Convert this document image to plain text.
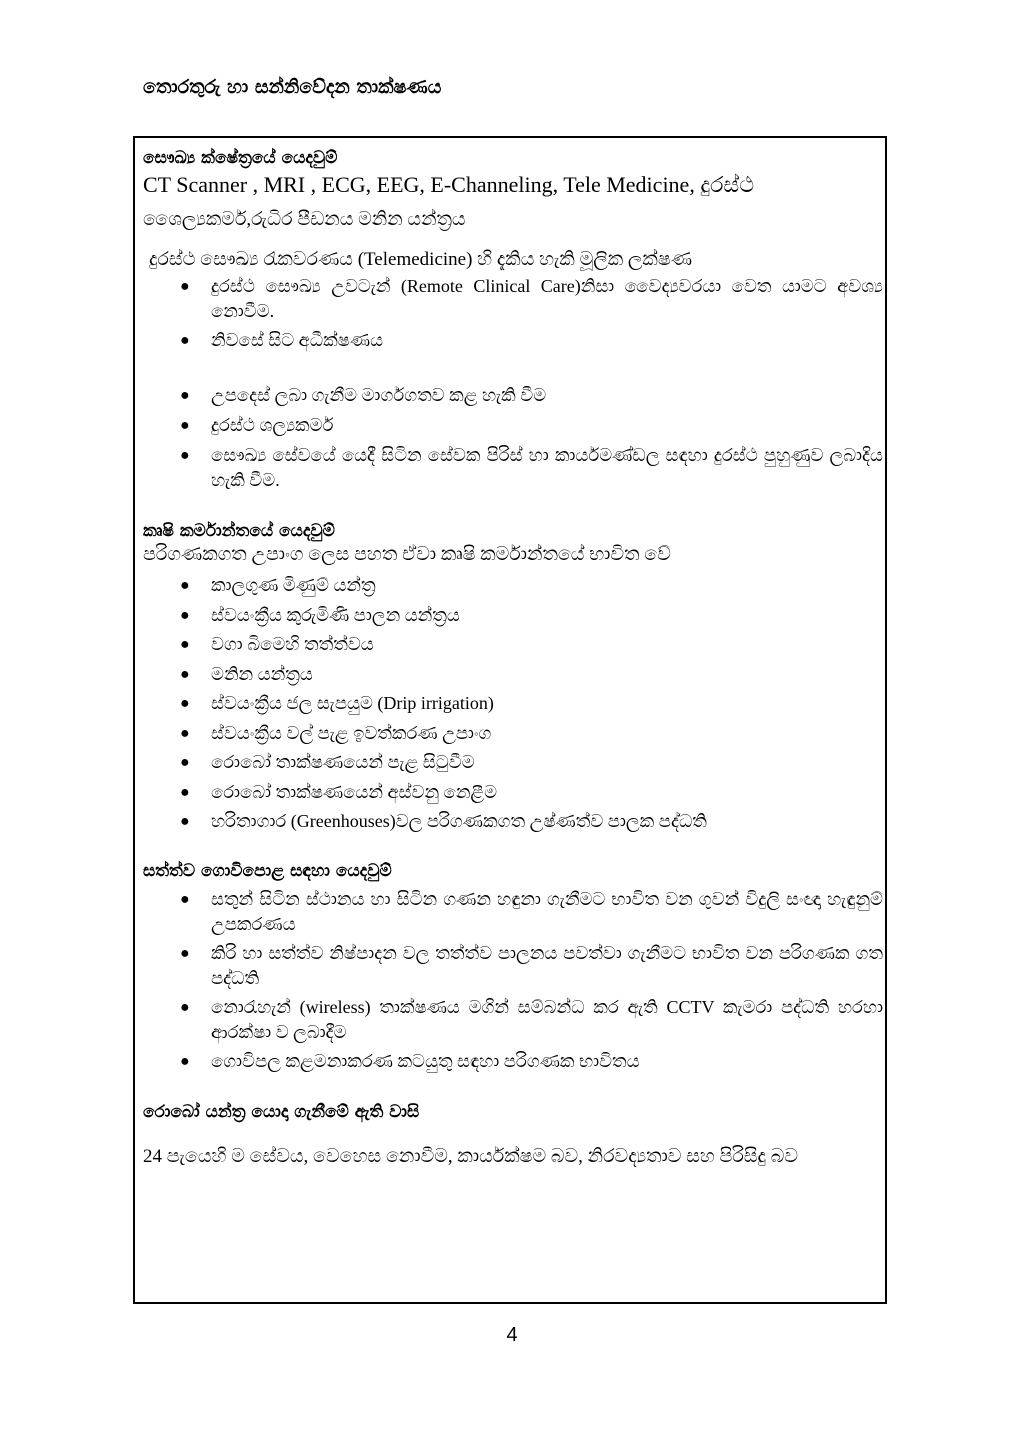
තොරතුරු හා සන්නිවේදන තාක්ෂණය

සෞඛ්‍ය ක්ෂේත්‍රයේ යෙදවුම්

CT Scanner , MRI , ECG, EEG, E-Channeling, Tele Medicine, දුරස්ථ

ශෛල්‍යකර්ම,රුධිර පීඩනය මනින යන්ත්‍රය

දුරස්ථ සෞඛ්‍ය රැකවරණය (Telemedicine) හි දැකිය හැකි මූලික ලක්ෂණ

● දුරස්ථ සෞඛ්‍ය උවටැන් (Remote Clinical Care)නිසා වෛද්‍යවරයා වෙත යාමට අවශ්‍ය නොවීම.
● නිවසේ සිට අධීක්ෂණය
● උපදෙස් ලබා ගැනීම මාර්ගගතව කළ හැකි වීම
● දුරස්ථ ශල්‍යකර්ම
● සෞඛ්‍ය සේවයේ යෙදී සිටින සේවක පිරිස් හා කාර්යමණ්ඩල සඳහා දුරස්ථ පුහුණුව ලබාදිය හැකි වීම.

කෘෂි කර්මාන්තයේ යෙදවුම්

පරිගණකගත උපාංග ලෙස පහත ඒවා කෘෂි කර්මාන්තයේ භාවිත වේ

● කාලගුණ මිණුම් යන්ත්‍ර
● ස්වයංක්‍රීය කුරුමිණි පාලන යන්ත්‍රය
● වගා බිමෙහි තත්ත්වය
● මනින යන්ත්‍රය
● ස්වයංක්‍රීය ජල සැපයුම (Drip irrigation)
● ස්වයංක්‍රීය වල් පැළ ඉවත්කරණ උපාංග
● රොබෝ තාක්ෂණයෙන් පැළ සිටුවීම
● රොබෝ තාක්ෂණයෙන් අස්වනු නෙළීම
● හරිතාගාර (Greenhouses)වල පරිගණකගත උෂ්ණත්ව පාලක පද්ධති

සත්ත්ව ගොවිපොළ සඳහා යෙදවුම්

● සතුන් සිටින ස්ථානය හා සිටින ගණන හඳුනා ගැනීමට භාවිත වන ගුවන් විදුලි සංඥා හැඳුනුම් උපකරණය
● කිරි හා සත්ත්ව නිෂ්පාදන වල තත්ත්ව පාලනය පවත්වා ගැනීමට භාවිත වන පරිගණක ගත පද්ධති
● නොරැහැන් (wireless) තාක්ෂණය මගින් සම්බන්ධ කර ඇති CCTV කැමරා පද්ධති හරහා ආරක්ෂා ව ලබාදීම
● ගොවිපල කළමනාකරණ කටයුතු සඳහා පරිගණක භාවිතය

රොබෝ යන්ත්‍ර යොදා ගැනීමේ ඇති වාසි

24 පැයෙහි ම සේවය, වෙහෙස නොවීම, කාර්යක්ෂම බව, නිරවද්‍යතාව සහ පිරිසිදු බව

4
